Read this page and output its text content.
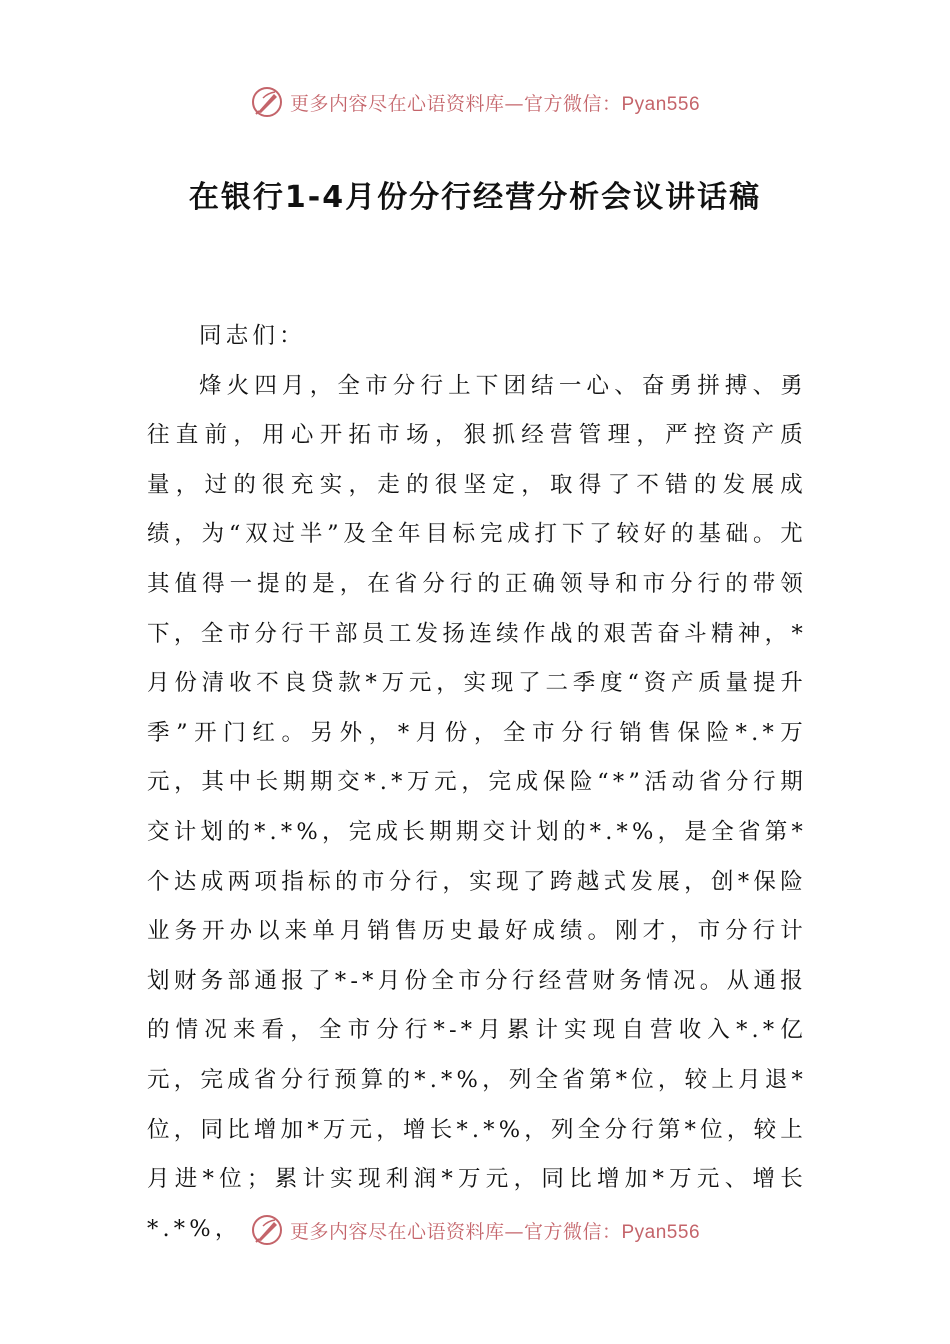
更多内容尽在心语资料库—官方微信：Pyan556
在银行1-4月份分行经营分析会议讲话稿

同志们：

烽火四月，全市分行上下团结一心、奋勇拼搏、勇往直前，用心开拓市场，狠抓经营管理，严控资产质量，过的很充实，走的很坚定，取得了不错的发展成绩，为“双过半”及全年目标完成打下了较好的基础。尤其值得一提的是，在省分行的正确领导和市分行的带领下，全市分行干部员工发扬连续作战的艰苦奋斗精神，*月份清收不良贷款*万元，实现了二季度“资产质量提升季”开门红。另外，*月份，全市分行销售保险*.*万元，其中长期期交*.*万元，完成保险“*”活动省分行期交计划的*.*%，完成长期期交计划的*.*%，是全省第*个达成两项指标的市分行，实现了跨越式发展，创*保险业务开办以来单月销售历史最好成绩。刚才，市分行计划财务部通报了*-*月份全市分行经营财务情况。从通报的情况来看，全市分行*-*月累计实现自营收入*.*亿元，完成省分行预算的*.*%，列全省第*位，较上月退*位，同比增加*万元，增长*.*%，列全分行第*位，较上月进*位；累计实现利润*万元，同比增加*万元、增长*.*%，	更多内容尽在心语资料库—官方微信：Pyan556
